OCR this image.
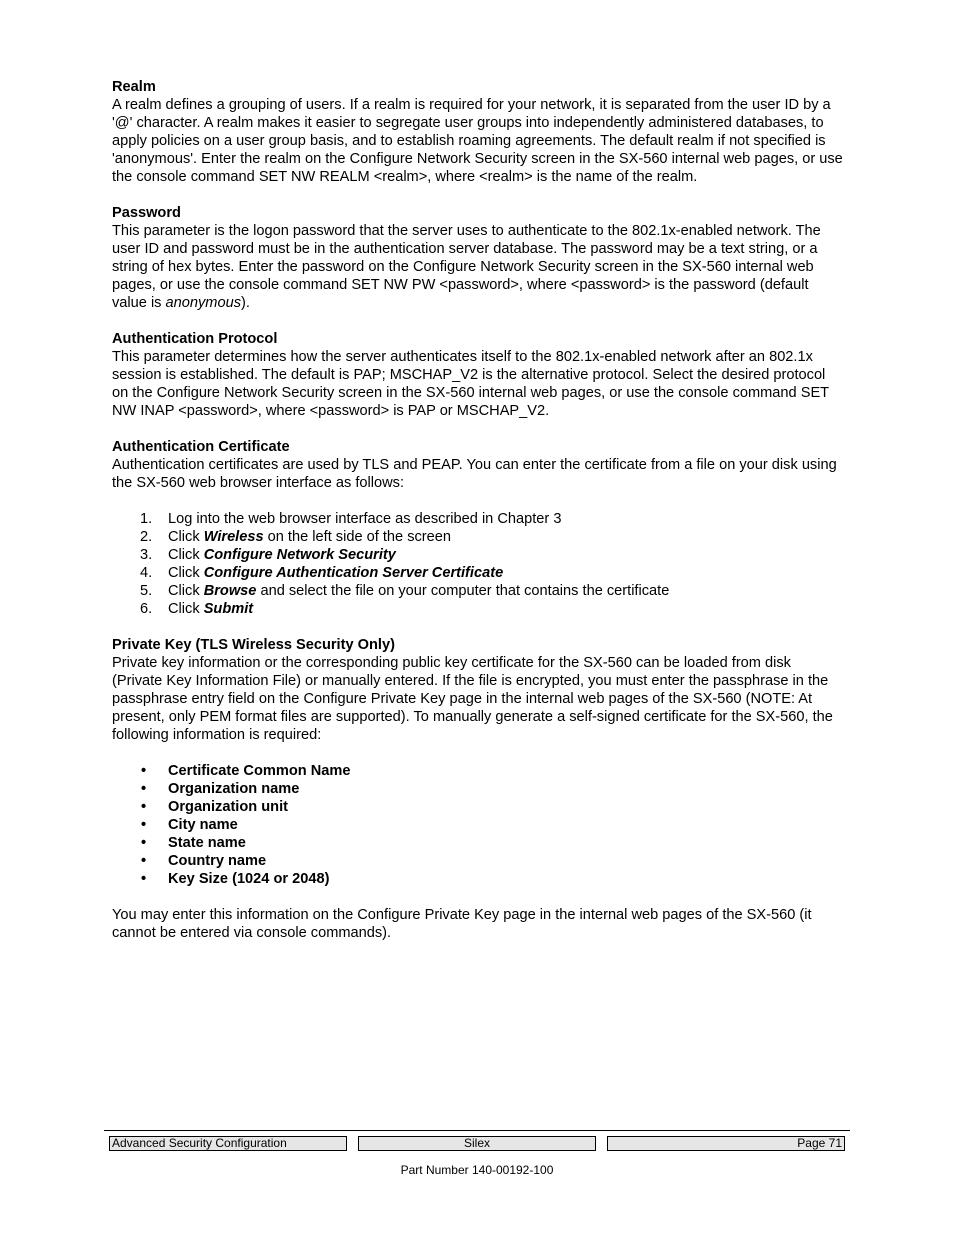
Realm

A realm defines a grouping of users. If a realm is required for your network, it is separated from the user ID by a '@' character. A realm makes it easier to segregate user groups into independently administered databases, to apply policies on a user group basis, and to establish roaming agreements. The default realm if not specified is 'anonymous'. Enter the realm on the Configure Network Security screen in the SX-560 internal web pages, or use the console command SET NW REALM <realm>, where <realm> is the name of the realm.

Password

This parameter is the logon password that the server uses to authenticate to the 802.1x-enabled network. The user ID and password must be in the authentication server database. The password may be a text string, or a string of hex bytes. Enter the password on the Configure Network Security screen in the SX-560 internal web pages, or use the console command SET NW PW <password>, where <password> is the password (default value is anonymous).

Authentication Protocol

This parameter determines how the server authenticates itself to the 802.1x-enabled network after an 802.1x session is established. The default is PAP; MSCHAP_V2 is the alternative protocol. Select the desired protocol on the Configure Network Security screen in the SX-560 internal web pages, or use the console command SET NW INAP <password>, where <password> is PAP or MSCHAP_V2.

Authentication Certificate

Authentication certificates are used by TLS and PEAP. You can enter the certificate from a file on your disk using the SX-560 web browser interface as follows:

1. Log into the web browser interface as described in Chapter 3
2. Click Wireless on the left side of the screen
3. Click Configure Network Security
4. Click Configure Authentication Server Certificate
5. Click Browse and select the file on your computer that contains the certificate
6. Click Submit
Private Key (TLS Wireless Security Only)

Private key information or the corresponding public key certificate for the SX-560 can be loaded from disk (Private Key Information File) or manually entered. If the file is encrypted, you must enter the passphrase in the passphrase entry field on the Configure Private Key page in the internal web pages of the SX-560 (NOTE: At present, only PEM format files are supported). To manually generate a self-signed certificate for the SX-560, the following information is required:

• Certificate Common Name
• Organization name
• Organization unit
• City name
• State name
• Country name
• Key Size (1024 or 2048)

You may enter this information on the Configure Private Key page in the internal web pages of the SX-560 (it cannot be entered via console commands).

Advanced Security Configuration	Silex	Page 71
Part Number 140-00192-100
